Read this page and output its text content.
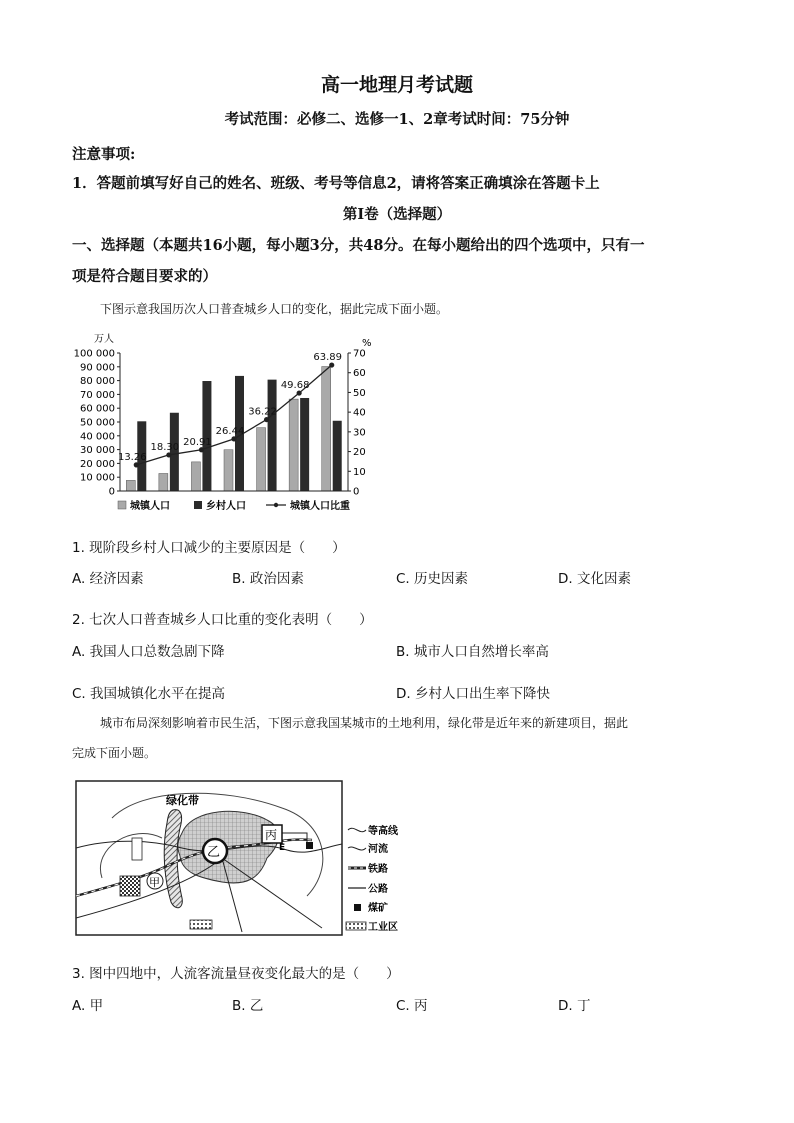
高一地理月考试题
考试范围：必修二、选修一1、2章考试时间：75分钟
注意事项:
1．答题前填写好自己的姓名、班级、考号等信息2，请将答案正确填涂在答题卡上
第Ⅰ卷（选择题）
一、选择题（本题共16小题，每小题3分，共48分。在每小题给出的四个选项中，只有一
项是符合题目要求的）
下图示意我国历次人口普查城乡人口的变化，据此完成下面小题。
万人	%
100 000
90 000
80 000
70 000
60 000
50 000
40 000
30 000
20 000
10 000
0
70
60
50
40
30
20
10
0
13.26
18.30 20.91
26.44
36.22
49.68
63.89
城镇人口	乡村人口	城镇人口比重
1. 现阶段乡村人口减少的主要原因是（　　）
A. 经济因素	B. 政治因素	C. 历史因素	D. 文化因素
2. 七次人口普查城乡人口比重的变化表明（　　）
A. 我国人口总数急剧下降	B. 城市人口自然增长率高
C. 我国城镇化水平在提高	D. 乡村人口出生率下降快
城市布局深刻影响着市民生活，下图示意我国某城市的土地利用，绿化带是近年来的新建项目，据此
完成下面小题。
绿化带
甲
乙
丙
E
等高线
河流
铁路
公路
煤矿
工业区
3. 图中四地中，人流客流量昼夜变化最大的是（　　）
A. 甲	B. 乙	C. 丙	D. 丁
